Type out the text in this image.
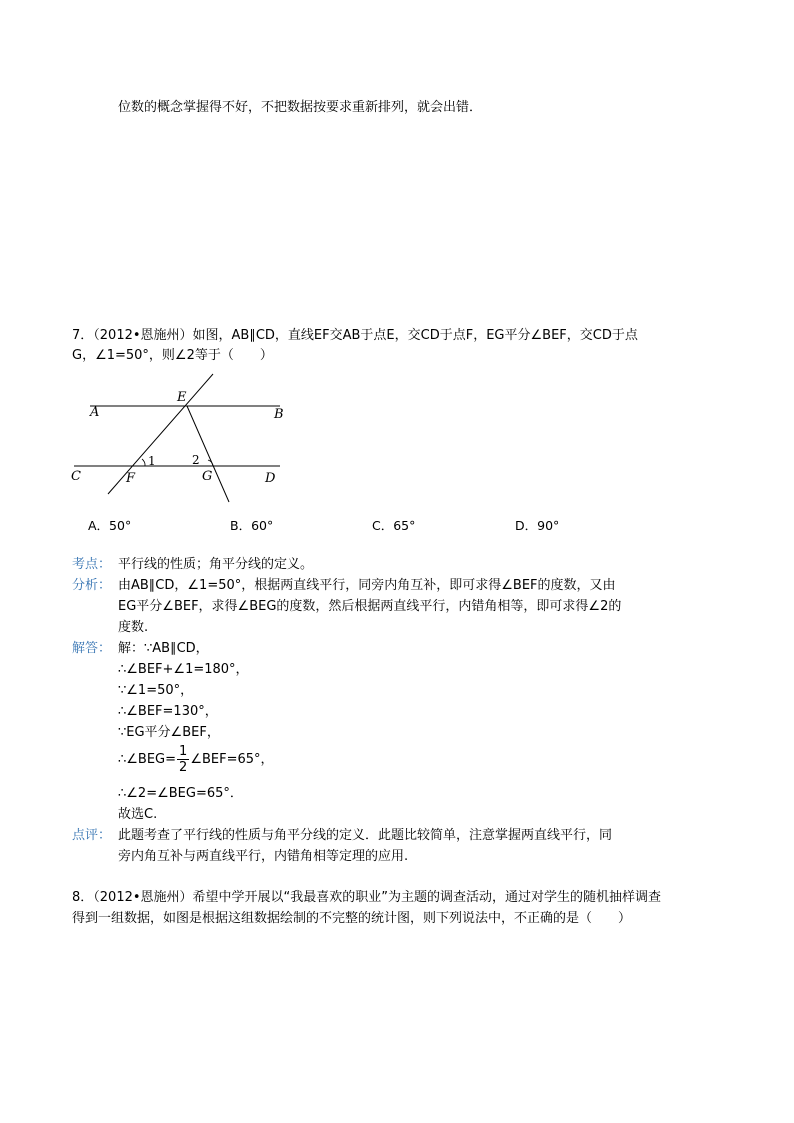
位数的概念掌握得不好，不把数据按要求重新排列，就会出错．
7．（2012•恩施州）如图，AB∥CD，直线EF交AB于点E，交CD于点F，EG平分∠BEF，交CD于点
G，∠1=50°，则∠2等于（　　）
A	B
C	D
E
F	G
1	2
A．50°	B．60°	C．65°	D．90°
考点： 平行线的性质；角平分线的定义。
分析： 由AB∥CD，∠1=50°，根据两直线平行，同旁内角互补，即可求得∠BEF的度数，又由
EG平分∠BEF，求得∠BEG的度数，然后根据两直线平行，内错角相等，即可求得∠2的
度数.
解答： 解：∵AB∥CD，
∴∠BEF+∠1=180°，
∵∠1=50°，
∴∠BEF=130°，
∵EG平分∠BEF，
∴∠BEG= $\frac{1}{2}$ ∠BEF=65°，
∴∠2=∠BEG=65°．
故选C.
点评： 此题考查了平行线的性质与角平分线的定义．此题比较简单，注意掌握两直线平行，同
旁内角互补与两直线平行，内错角相等定理的应用.
8．（2012•恩施州）希望中学开展以“我最喜欢的职业”为主题的调查活动，通过对学生的随机抽样调查
得到一组数据，如图是根据这组数据绘制的不完整的统计图，则下列说法中，不正确的是（　　）
